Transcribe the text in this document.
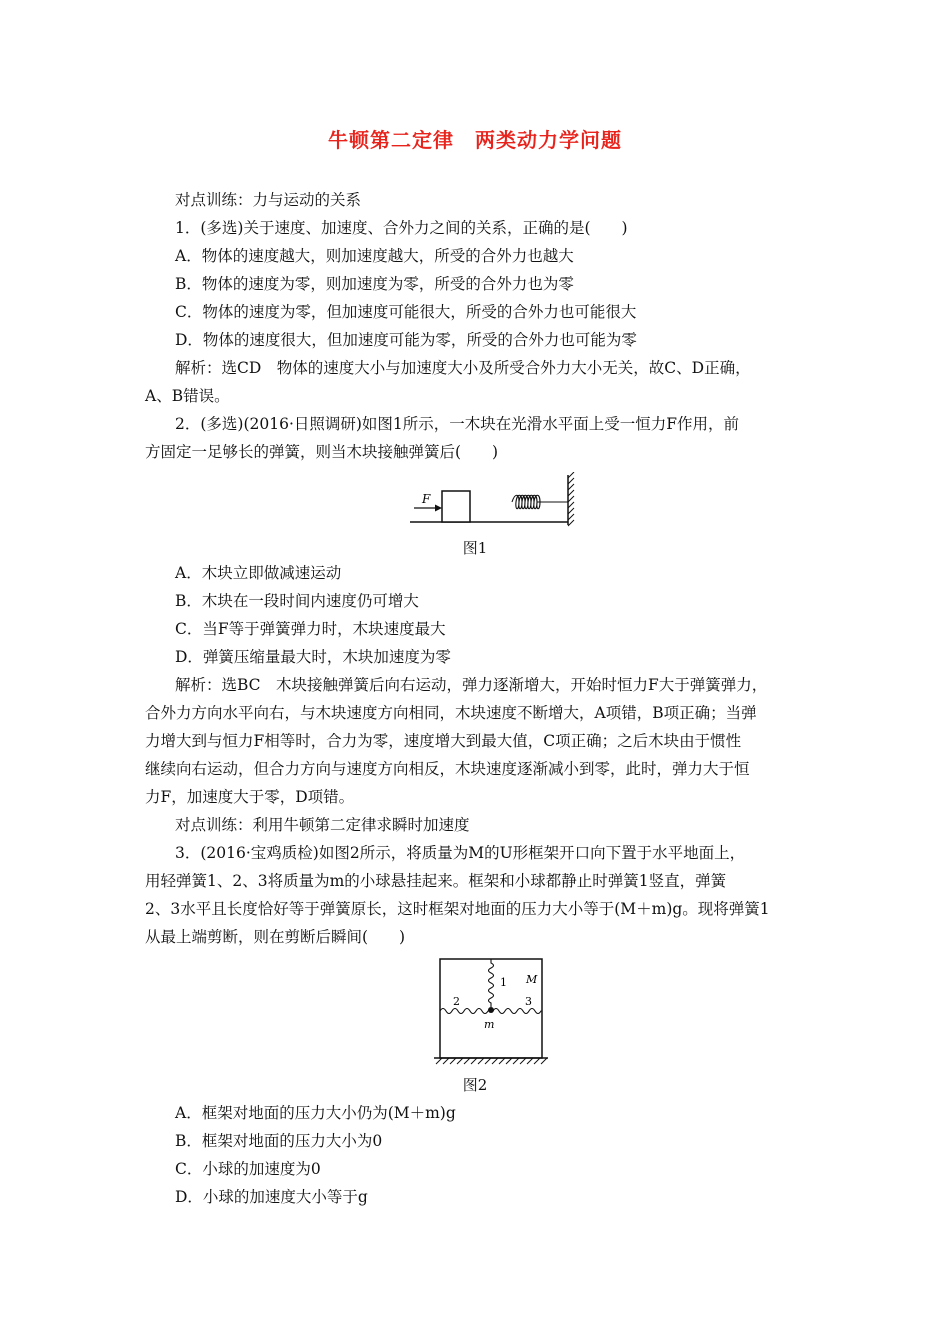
牛顿第二定律　两类动力学问题
对点训练：力与运动的关系
1．(多选)关于速度、加速度、合外力之间的关系，正确的是(　　)
A．物体的速度越大，则加速度越大，所受的合外力也越大
B．物体的速度为零，则加速度为零，所受的合外力也为零
C．物体的速度为零，但加速度可能很大，所受的合外力也可能很大
D．物体的速度很大，但加速度可能为零，所受的合外力也可能为零
解析：选CD　物体的速度大小与加速度大小及所受合外力大小无关，故C、D正确，
A、B错误。
2．(多选)(2016·日照调研)如图1所示，一木块在光滑水平面上受一恒力F作用，前
方固定一足够长的弹簧，则当木块接触弹簧后(　　)
F
图1
A．木块立即做减速运动
B．木块在一段时间内速度仍可增大
C．当F等于弹簧弹力时，木块速度最大
D．弹簧压缩量最大时，木块加速度为零
解析：选BC　木块接触弹簧后向右运动，弹力逐渐增大，开始时恒力F大于弹簧弹力，
合外力方向水平向右，与木块速度方向相同，木块速度不断增大，A项错，B项正确；当弹
力增大到与恒力F相等时，合力为零，速度增大到最大值，C项正确；之后木块由于惯性
继续向右运动，但合力方向与速度方向相反，木块速度逐渐减小到零，此时，弹力大于恒
力F，加速度大于零，D项错。
对点训练：利用牛顿第二定律求瞬时加速度
3．(2016·宝鸡质检)如图2所示，将质量为M的U形框架开口向下置于水平地面上，
用轻弹簧1、2、3将质量为m的小球悬挂起来。框架和小球都静止时弹簧1竖直，弹簧
2、3水平且长度恰好等于弹簧原长，这时框架对地面的压力大小等于(M＋m)g。现将弹簧1
从最上端剪断，则在剪断后瞬间(　　)
1
2	3
M
m
图2
A．框架对地面的压力大小仍为(M＋m)g
B．框架对地面的压力大小为0
C．小球的加速度为0
D．小球的加速度大小等于g
